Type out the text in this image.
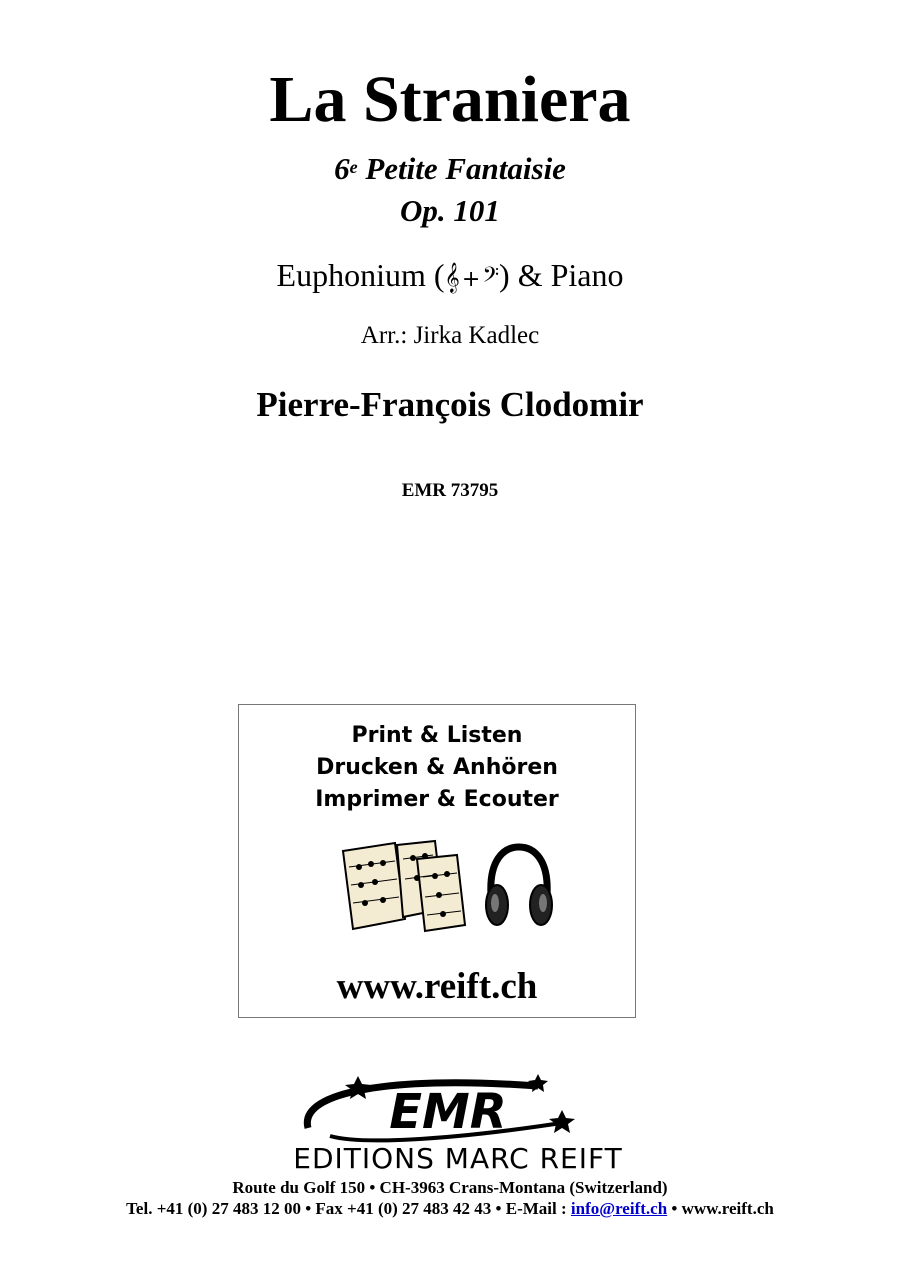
La Straniera
6e Petite Fantaisie
Op. 101
Euphonium (𝄞+𝄢) & Piano
Arr.: Jirka Kadlec
Pierre-François Clodomir
EMR 73795
Print & Listen
Drucken & Anhören
Imprimer & Ecouter
www.reift.ch
EMR
EDITIONS MARC REIFT
Route du Golf 150 • CH-3963 Crans-Montana (Switzerland)
Tel. +41 (0) 27 483 12 00 • Fax +41 (0) 27 483 42 43 • E-Mail : info@reift.ch • www.reift.ch
